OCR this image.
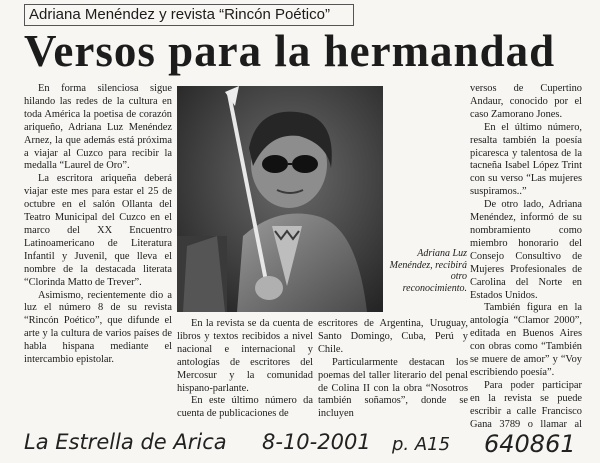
Adriana Menéndez y revista “Rincón Poético”
Versos para la hermandad

En forma silenciosa sigue hilando las redes de la cultura en toda América la poetisa de corazón ariqueño, Adriana Luz Menéndez Arnez, la que además está próxima a viajar al Cuzco para recibir la medalla “Laurel de Oro”.

La escritora ariqueña deberá viajar este mes para estar el 25 de octubre en el salón Ollanta del Teatro Municipal del Cuzco en el marco del XX Encuentro Latinoamericano de Literatura Infantil y Juvenil, que lleva el nombre de la destacada literata “Clorinda Matto de Trever”.

Asimismo, recientemente dio a luz el número 8 de su revista “Rincón Poético”, que difunde el arte y la cultura de varios países de habla hispana mediante el intercambio epistolar.

Adriana Luz Menéndez, recibirá otro reconocimiento.

En la revista se da cuenta de libros y textos recibidos a nivel nacional e internacional y antologías de escritores del Mercosur y la comunidad hispano-parlante.

En este último número da cuenta de publicaciones de

escritores de Argentina, Uruguay, Santo Domingo, Cuba, Perú y Chile.

Particularmente destacan los poemas del taller literario del penal de Colina II con la obra “Nosotros también soñamos”, donde se incluyen

versos de Cupertino Andaur, conocido por el caso Zamorano Jones.

En el último número, resalta también la poesía picaresca y talentosa de la tacneña Isabel López Trint con su verso “Las mujeres suspiramos..”

De otro lado, Adriana Menéndez, informó de su nombramiento como miembro honorario del Consejo Consultivo de Mujeres Profesionales de Carolina del Norte en Estados Unidos.

También figura en la antología “Clamor 2000”, editada en Buenos Aires con obras como “También se muere de amor” y “Voy escribiendo poesía”.

Para poder participar en la revista se puede escribir a calle Francisco Gana 3789 o llamar al

La Estrella de Arica 8-10-2001 p. A15 640861
